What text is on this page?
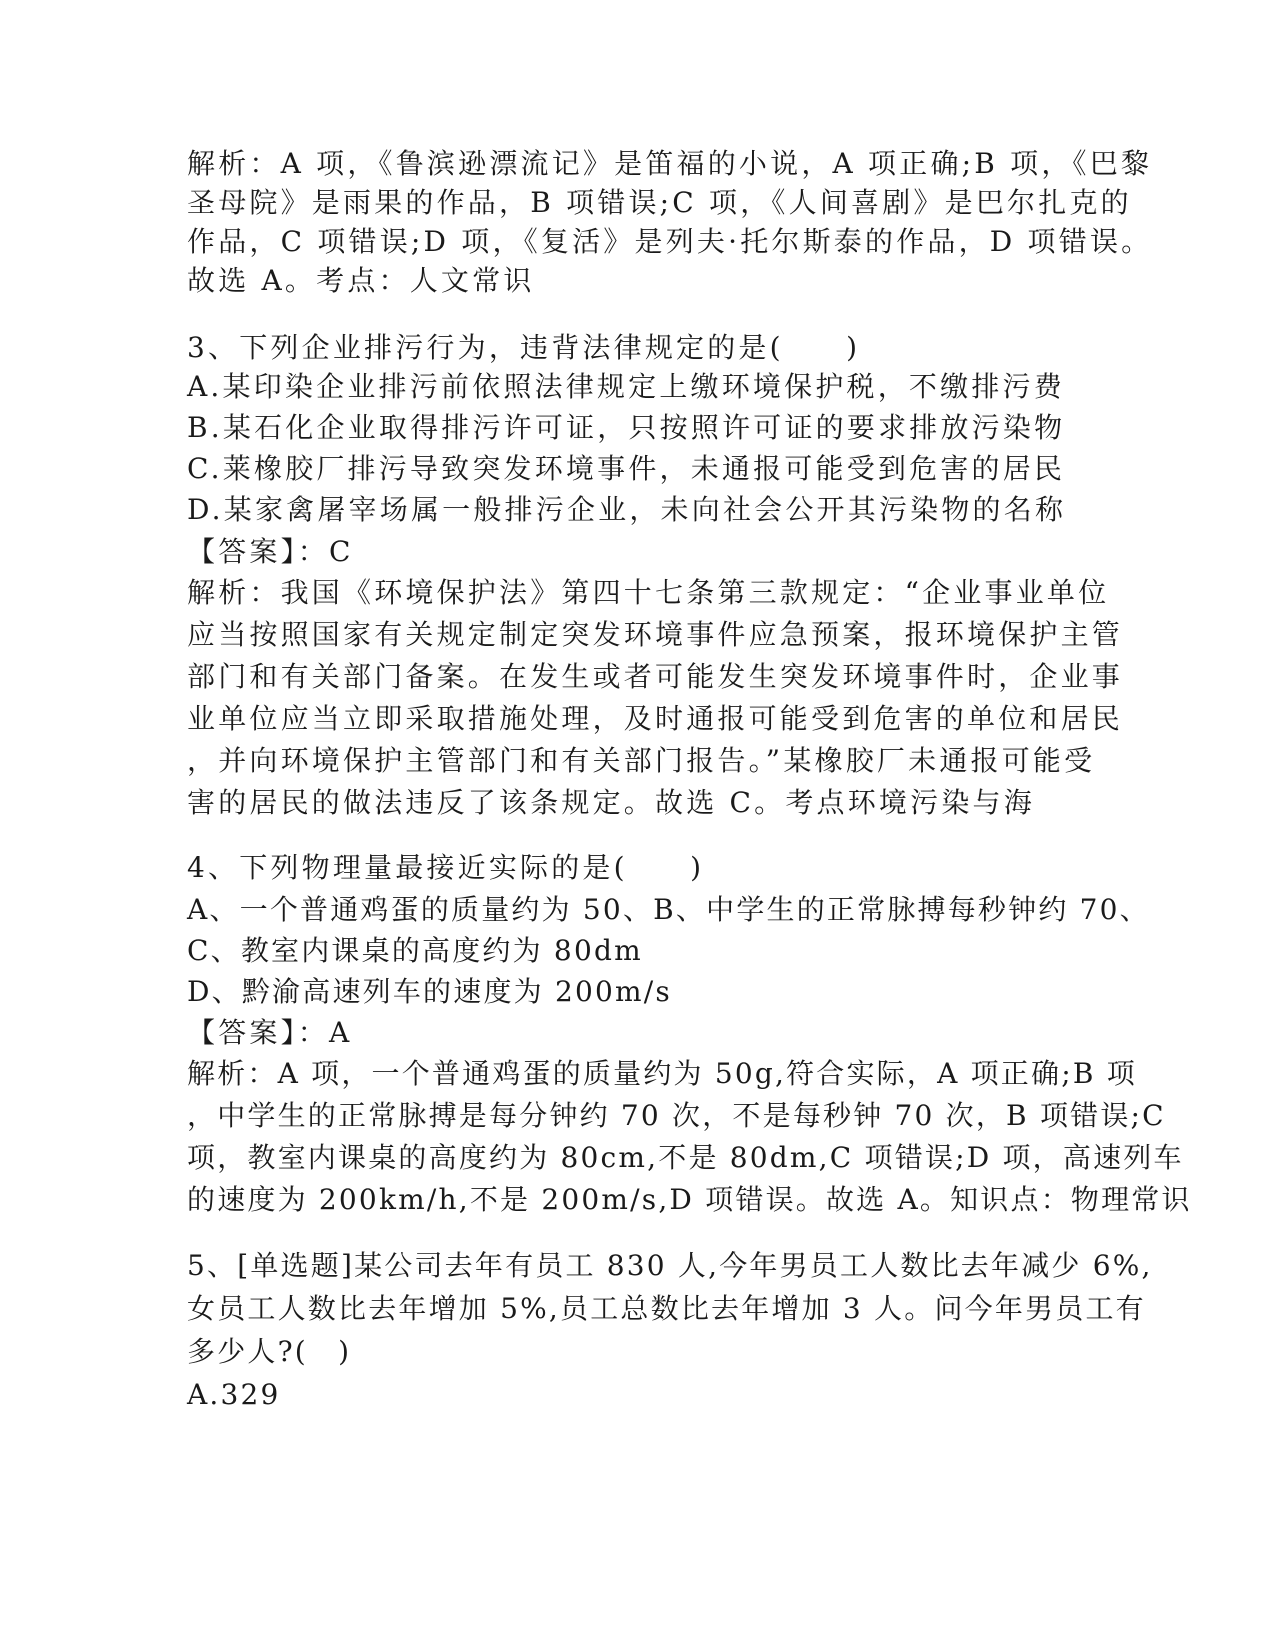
解析：A 项，《鲁滨逊漂流记》是笛福的小说，A 项正确;B 项，《巴黎
圣母院》是雨果的作品，B 项错误;C 项，《人间喜剧》是巴尔扎克的
作品，C 项错误;D 项，《复活》是列夫·托尔斯泰的作品，D 项错误。
故选 A。考点：人文常识
3、下列企业排污行为，违背法律规定的是(　　)
A.某印染企业排污前依照法律规定上缴环境保护税，不缴排污费
B.某石化企业取得排污许可证，只按照许可证的要求排放污染物
C.莱橡胶厂排污导致突发环境事件，未通报可能受到危害的居民
D.某家禽屠宰场属一般排污企业，未向社会公开其污染物的名称
【答案】：C
解析：我国《环境保护法》第四十七条第三款规定：“企业事业单位
应当按照国家有关规定制定突发环境事件应急预案，报环境保护主管
部门和有关部门备案。在发生或者可能发生突发环境事件时，企业事
业单位应当立即采取措施处理，及时通报可能受到危害的单位和居民
，并向环境保护主管部门和有关部门报告。”某橡胶厂未通报可能受
害的居民的做法违反了该条规定。故选 C。考点环境污染与海
4、下列物理量最接近实际的是(　　)
A、一个普通鸡蛋的质量约为 50、B、中学生的正常脉搏每秒钟约 70、
C、教室内课桌的高度约为 80dm
D、黔渝高速列车的速度为 200m/s
【答案】：A
解析：A 项，一个普通鸡蛋的质量约为 50g,符合实际，A 项正确;B 项
，中学生的正常脉搏是每分钟约 70 次，不是每秒钟 70 次，B 项错误;C
项，教室内课桌的高度约为 80cm,不是 80dm,C 项错误;D 项，高速列车
的速度为 200km/h,不是 200m/s,D 项错误。故选 A。知识点：物理常识
5、[单选题]某公司去年有员工 830 人,今年男员工人数比去年减少 6%,
女员工人数比去年增加 5%,员工总数比去年增加 3 人。问今年男员工有
多少人?(　)
A.329
